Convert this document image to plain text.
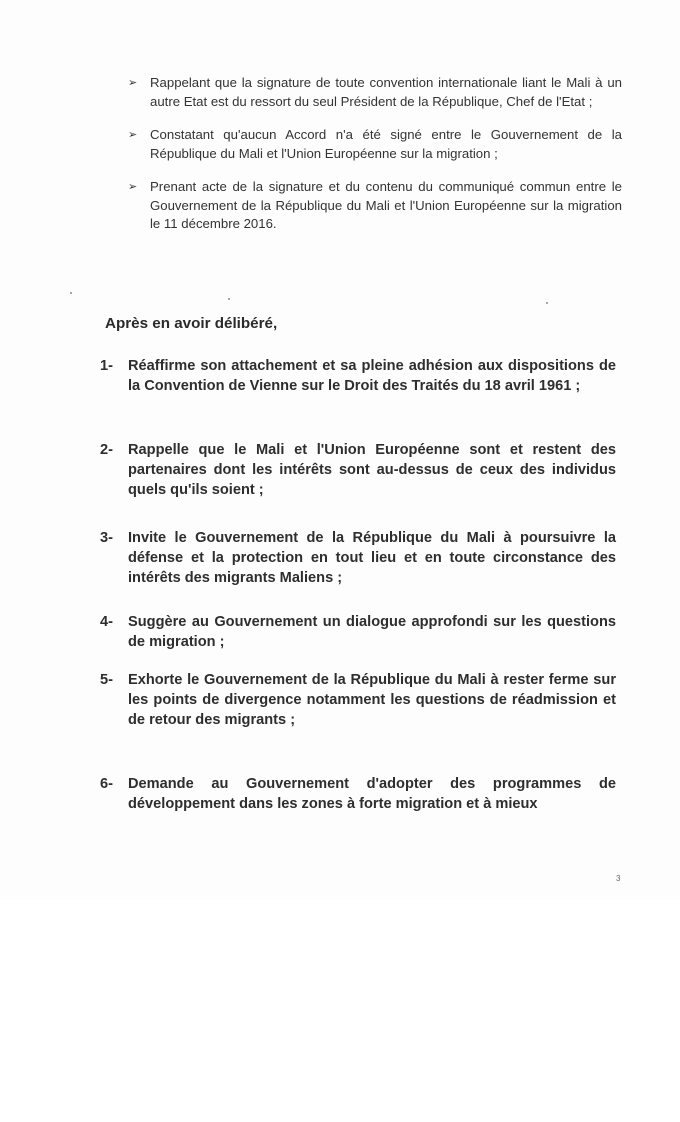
➢ Rappelant que la signature de toute convention internationale liant le Mali à un autre Etat est du ressort du seul Président de la République, Chef de l'Etat ;
➢ Constatant qu'aucun Accord n'a été signé entre le Gouvernement de la République du Mali et l'Union Européenne sur la migration ;
➢ Prenant acte de la signature et du contenu du communiqué commun entre le Gouvernement de la République du Mali et l'Union Européenne sur la migration le 11 décembre 2016.
Après en avoir délibéré,
1- Réaffirme son attachement et sa pleine adhésion aux dispositions de la Convention de Vienne sur le Droit des Traités du 18 avril 1961 ;
2- Rappelle que le Mali et l'Union Européenne sont et restent des partenaires dont les intérêts sont au-dessus de ceux des individus quels qu'ils soient ;
3- Invite le Gouvernement de la République du Mali à poursuivre la défense et la protection en tout lieu et en toute circonstance des intérêts des migrants Maliens ;
4- Suggère au Gouvernement un dialogue approfondi sur les questions de migration ;
5- Exhorte le Gouvernement de la République du Mali à rester ferme sur les points de divergence notamment les questions de réadmission et de retour des migrants ;
6- Demande au Gouvernement d'adopter des programmes de développement dans les zones à forte migration et à mieux
3
